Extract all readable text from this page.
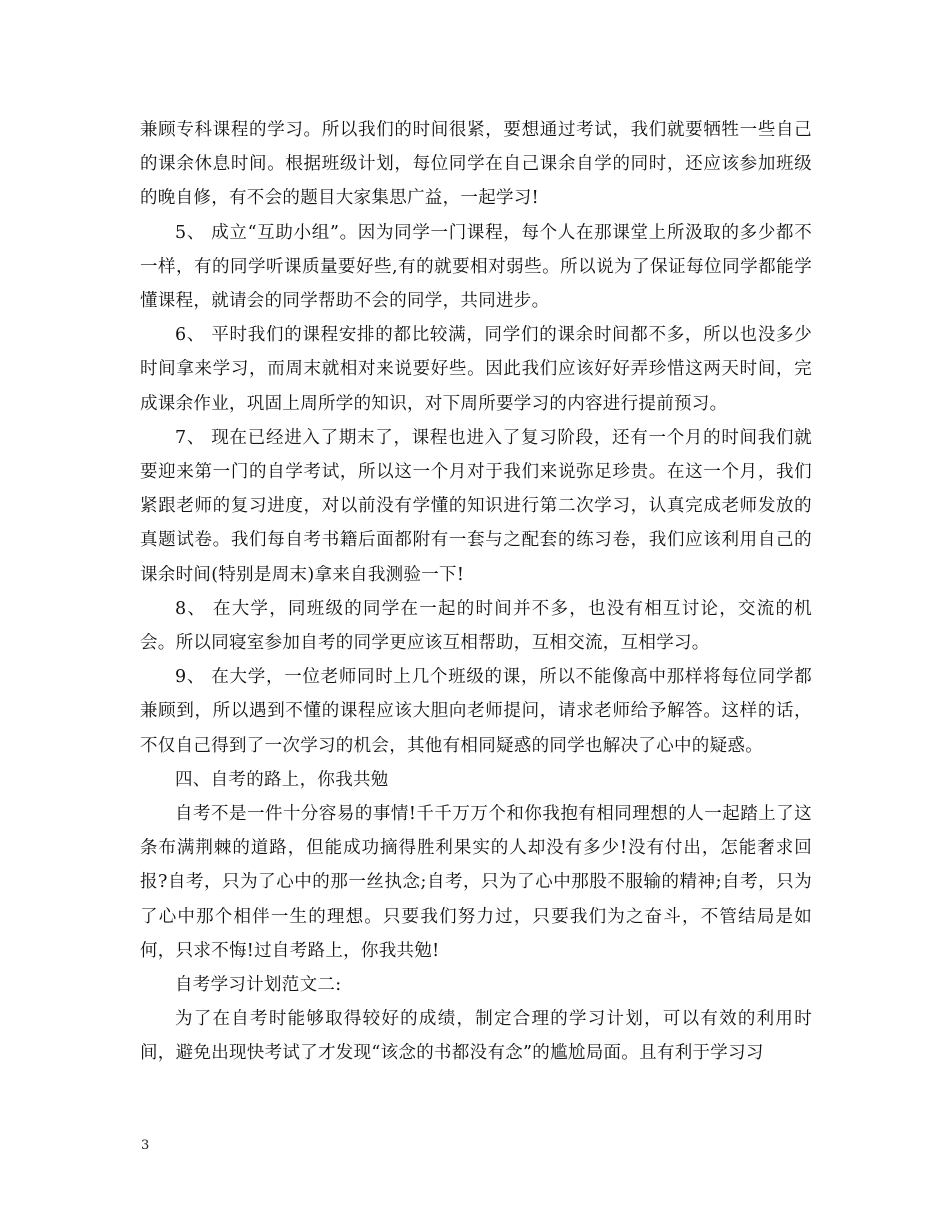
兼顾专科课程的学习。所以我们的时间很紧，要想通过考试，我们就要牺牲一些自己的课余休息时间。根据班级计划，每位同学在自己课余自学的同时，还应该参加班级的晚自修，有不会的题目大家集思广益，一起学习!

5、 成立“互助小组”。因为同学一门课程，每个人在那课堂上所汲取的多少都不一样，有的同学听课质量要好些,有的就要相对弱些。所以说为了保证每位同学都能学懂课程，就请会的同学帮助不会的同学，共同进步。

6、 平时我们的课程安排的都比较满，同学们的课余时间都不多，所以也没多少时间拿来学习，而周末就相对来说要好些。因此我们应该好好弄珍惜这两天时间，完成课余作业，巩固上周所学的知识，对下周所要学习的内容进行提前预习。

7、 现在已经进入了期末了，课程也进入了复习阶段，还有一个月的时间我们就要迎来第一门的自学考试，所以这一个月对于我们来说弥足珍贵。在这一个月，我们紧跟老师的复习进度，对以前没有学懂的知识进行第二次学习，认真完成老师发放的真题试卷。我们每自考书籍后面都附有一套与之配套的练习卷，我们应该利用自己的课余时间(特别是周末)拿来自我测验一下!

8、 在大学，同班级的同学在一起的时间并不多，也没有相互讨论，交流的机会。所以同寝室参加自考的同学更应该互相帮助，互相交流，互相学习。

9、 在大学，一位老师同时上几个班级的课，所以不能像高中那样将每位同学都兼顾到，所以遇到不懂的课程应该大胆向老师提问，请求老师给予解答。这样的话，不仅自己得到了一次学习的机会，其他有相同疑惑的同学也解决了心中的疑惑。

四、自考的路上，你我共勉

自考不是一件十分容易的事情!千千万万个和你我抱有相同理想的人一起踏上了这条布满荆棘的道路，但能成功摘得胜利果实的人却没有多少!没有付出，怎能奢求回报?自考，只为了心中的那一丝执念;自考，只为了心中那股不服输的精神;自考，只为了心中那个相伴一生的理想。只要我们努力过，只要我们为之奋斗，不管结局是如何，只求不悔!过自考路上，你我共勉!

自考学习计划范文二:

为了在自考时能够取得较好的成绩，制定合理的学习计划，可以有效的利用时间，避免出现快考试了才发现“该念的书都没有念”的尴尬局面。且有利于学习习

3
